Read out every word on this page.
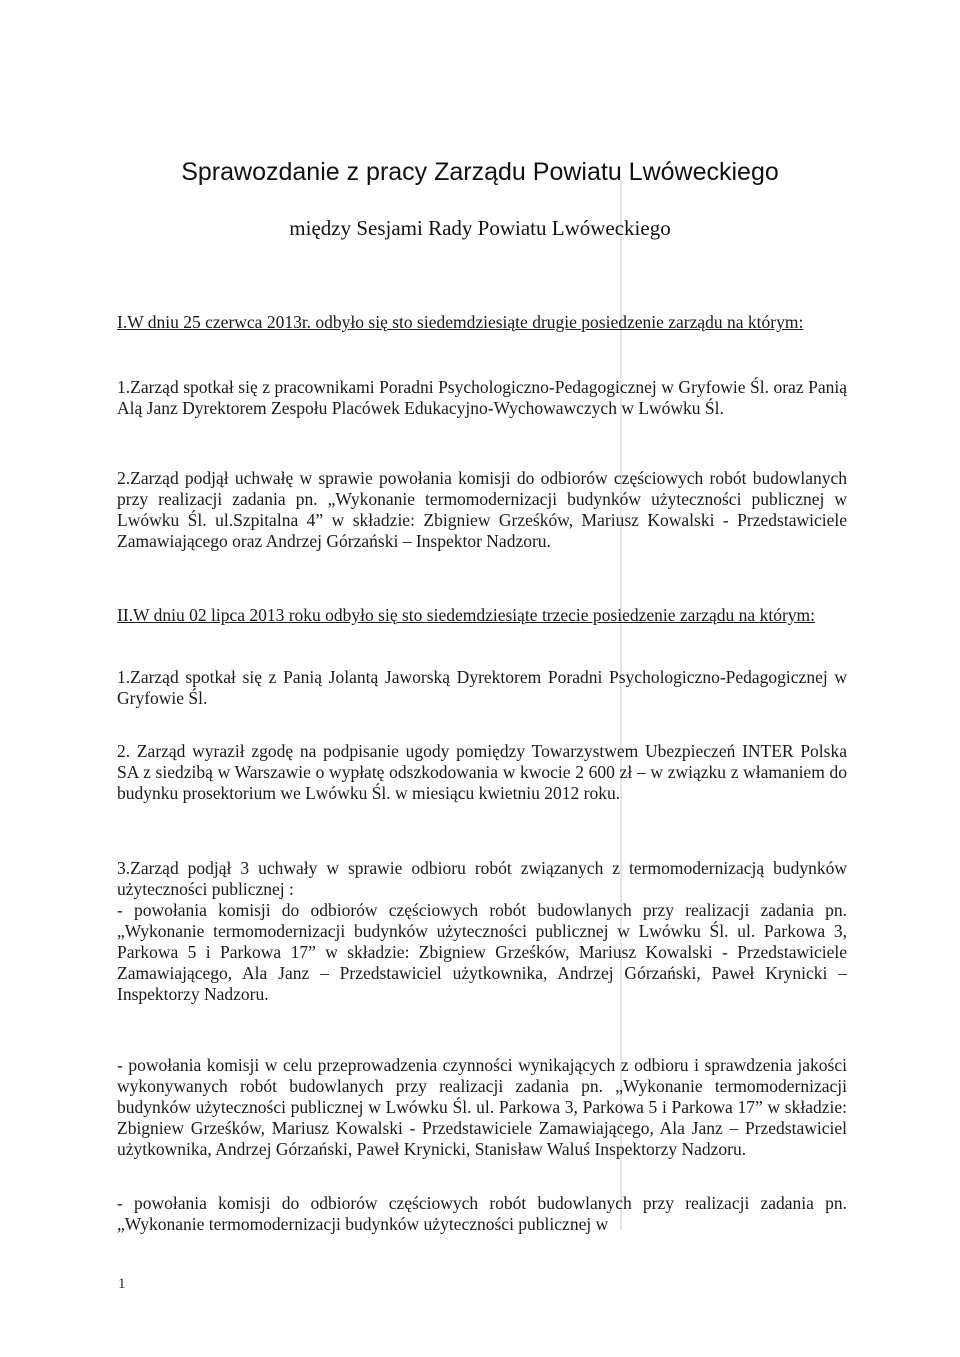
Sprawozdanie z pracy Zarządu Powiatu Lwóweckiego
między Sesjami Rady Powiatu Lwóweckiego

I.W dniu 25 czerwca 2013r. odbyło się sto siedemdziesiąte drugie posiedzenie zarządu na którym:

1.Zarząd spotkał się z pracownikami Poradni Psychologiczno-Pedagogicznej w Gryfowie Śl. oraz Panią Alą Janz Dyrektorem Zespołu Placówek Edukacyjno-Wychowawczych w Lwówku Śl.

2.Zarząd podjął uchwałę w sprawie powołania komisji do odbiorów częściowych robót budowlanych przy realizacji zadania pn. „Wykonanie termomodernizacji budynków użyteczności publicznej w Lwówku Śl. ul.Szpitalna 4” w składzie: Zbigniew Grześków, Mariusz Kowalski - Przedstawiciele Zamawiającego oraz Andrzej Górzański – Inspektor Nadzoru.

II.W dniu 02 lipca 2013 roku odbyło się sto siedemdziesiąte trzecie posiedzenie zarządu na którym:

1.Zarząd spotkał się z Panią Jolantą Jaworską Dyrektorem Poradni Psychologiczno-Pedagogicznej w Gryfowie Śl.

2. Zarząd wyraził zgodę na podpisanie ugody pomiędzy Towarzystwem Ubezpieczeń INTER Polska SA z siedzibą w Warszawie o wypłatę odszkodowania w kwocie 2 600 zł – w związku z włamaniem do budynku prosektorium we Lwówku Śl. w miesiącu kwietniu 2012 roku.

3.Zarząd podjął 3 uchwały w sprawie odbioru robót związanych z termomodernizacją budynków użyteczności publicznej :

- powołania komisji do odbiorów częściowych robót budowlanych przy realizacji zadania pn. „Wykonanie termomodernizacji budynków użyteczności publicznej w Lwówku Śl. ul. Parkowa 3, Parkowa 5 i Parkowa 17” w składzie: Zbigniew Grześków, Mariusz Kowalski - Przedstawiciele Zamawiającego, Ala Janz – Przedstawiciel użytkownika, Andrzej Górzański, Paweł Krynicki – Inspektorzy Nadzoru.

- powołania komisji w celu przeprowadzenia czynności wynikających z odbioru i sprawdzenia jakości wykonywanych robót budowlanych przy realizacji zadania pn. „Wykonanie termomodernizacji budynków użyteczności publicznej w Lwówku Śl. ul. Parkowa 3, Parkowa 5 i Parkowa 17” w składzie: Zbigniew Grześków, Mariusz Kowalski - Przedstawiciele Zamawiającego, Ala Janz – Przedstawiciel użytkownika, Andrzej Górzański, Paweł Krynicki, Stanisław Waluś Inspektorzy Nadzoru.

- powołania komisji do odbiorów częściowych robót budowlanych przy realizacji zadania pn. „Wykonanie termomodernizacji budynków użyteczności publicznej w

1
